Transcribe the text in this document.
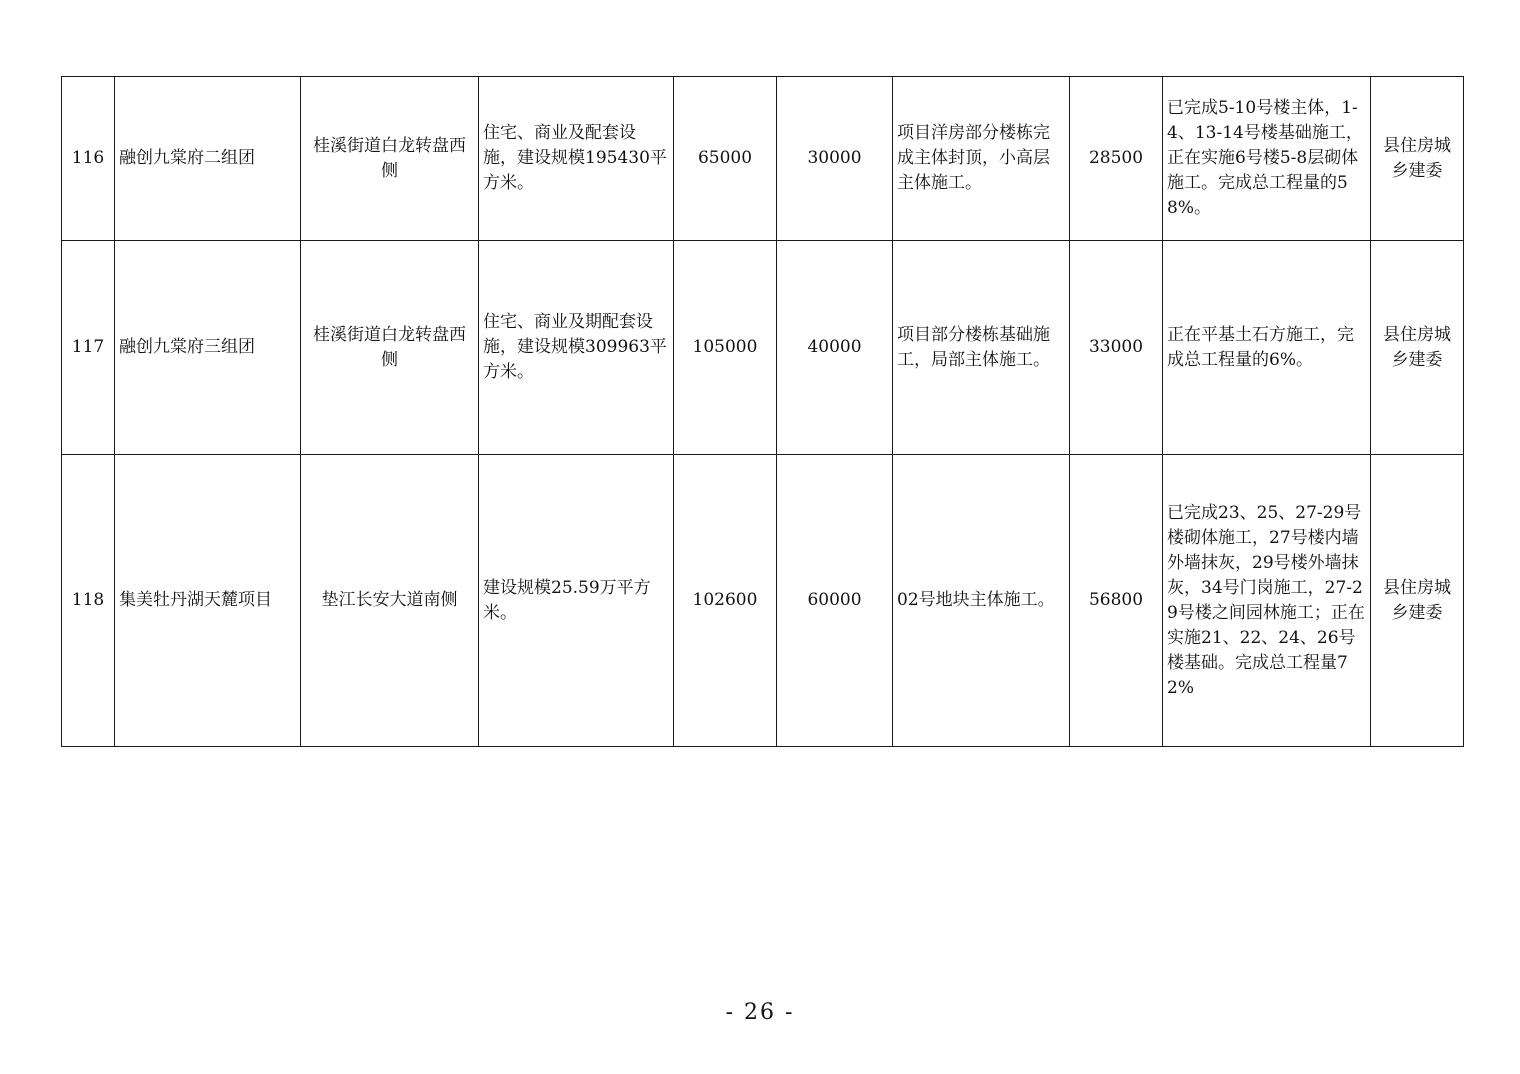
116	融创九棠府二组团	桂溪街道白龙转盘西侧	住宅、商业及配套设施，建设规模195430平方米。	65000	30000	项目洋房部分楼栋完成主体封顶，小高层主体施工。	28500	已完成5-10号楼主体，1-4、13-14号楼基础施工，正在实施6号楼5-8层砌体施工。完成总工程量的58%。	县住房城乡建委
117	融创九棠府三组团	桂溪街道白龙转盘西侧	住宅、商业及期配套设施，建设规模309963平方米。	105000	40000	项目部分楼栋基础施工，局部主体施工。	33000	正在平基土石方施工，完成总工程量的6%。	县住房城乡建委
118	集美牡丹湖天麓项目	垫江长安大道南侧	建设规模25.59万平方米。	102600	60000	02号地块主体施工。	56800	已完成23、25、27-29号楼砌体施工，27号楼内墙外墙抹灰，29号楼外墙抹灰，34号门岗施工，27-29号楼之间园林施工；正在实施21、22、24、26号楼基础。完成总工程量72%	县住房城乡建委
- 26 -
